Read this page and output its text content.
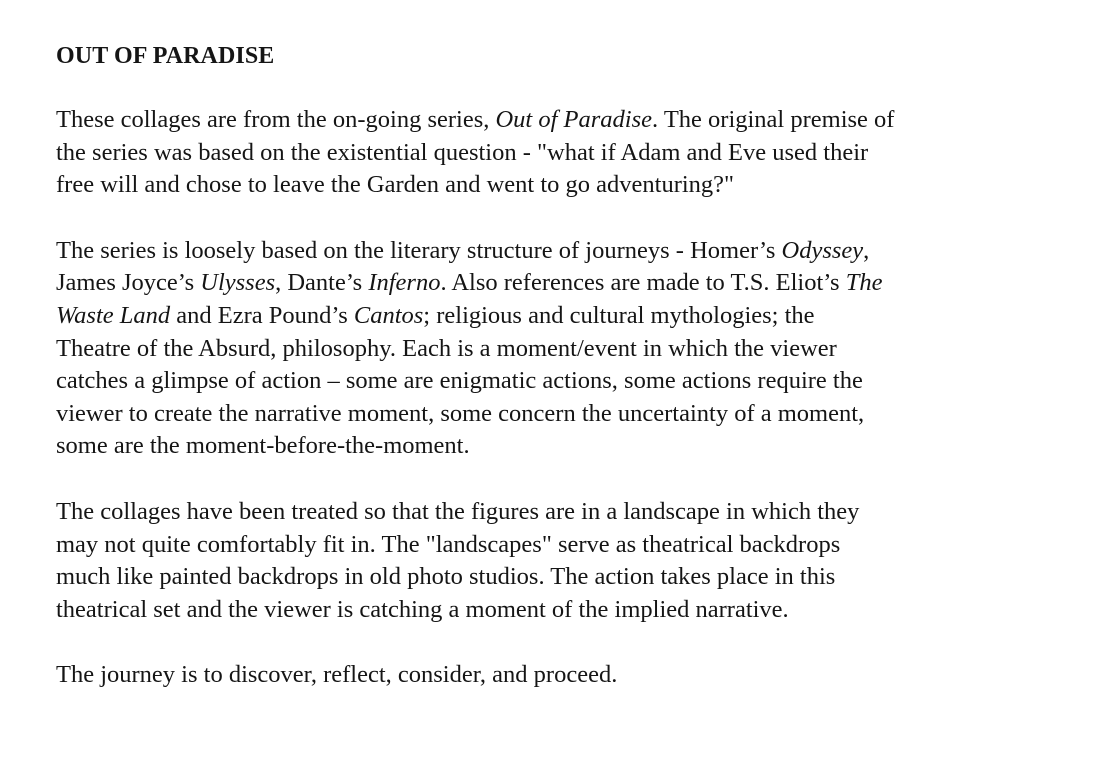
OUT OF PARADISE
These collages are from the on-going series, Out of Paradise. The original premise of
the series was based on the existential question - "what if Adam and Eve used their
free will and chose to leave the Garden and went to go adventuring?"
The series is loosely based on the literary structure of journeys - Homer’s Odyssey,
James Joyce’s Ulysses, Dante’s Inferno. Also references are made to T.S. Eliot’s The
Waste Land and Ezra Pound’s Cantos; religious and cultural mythologies; the
Theatre of the Absurd, philosophy. Each is a moment/event in which the viewer
catches a glimpse of action – some are enigmatic actions, some actions require the
viewer to create the narrative moment, some concern the uncertainty of a moment,
some are the moment-before-the-moment.
The collages have been treated so that the figures are in a landscape in which they
may not quite comfortably fit in. The "landscapes" serve as theatrical backdrops
much like painted backdrops in old photo studios. The action takes place in this
theatrical set and the viewer is catching a moment of the implied narrative.
The journey is to discover, reflect, consider, and proceed.
